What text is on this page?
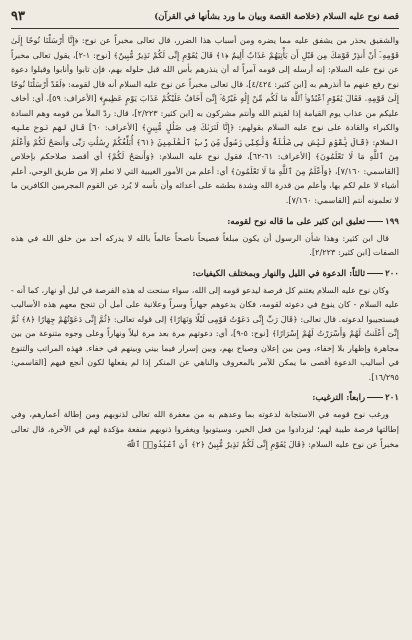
قصة نوح عليه السلام (خلاصة القصة وبيان ما ورد بشأنها في القرآن)
٩٣

والشفيق يحذر من يشفق عليه مما يضره ومن أسباب هذا الضرر، قال تعالى مخبراً عن نوح: ﴿إِنَّا أَرْسَلْنَا نُوحًا إِلَىٰ قَوْمِهِۦٓ أَنْ أَنذِرْ قَوْمَكَ مِن قَبْلِ أَن يَأْتِيَهُمْ عَذَابٌ أَلِيمٌ ﴿١﴾ قَالَ يَٰقَوْمِ إِنِّى لَكُمْ نَذِيرٌ مُّبِينٌ﴾ [نوح: ١-٢]، يقول تعالى مخبراً عن نوح عليه السلام: إنه أرسله إلى قومه آمراً له أن ينذرهم بأس الله قبل حلوله بهم، فإن تابوا وأنابوا وقبلوا دعوة نوح رفع عنهم ما أنذرهم به [ابن كثير: ٤/٤٢٤]، قال تعالى مخبراً عن نوح عليه السلام أنه قال لقومه: ﴿لَقَدْ أَرْسَلْنَا نُوحًا إِلَىٰ قَوْمِهِۦ فَقَالَ يَٰقَوْمِ ٱعْبُدُوا۟ ٱللَّهَ مَا لَكُم مِّنْ إِلَٰهٍ غَيْرُهُۥٓ إِنِّىٓ أَخَافُ عَلَيْكُمْ عَذَابَ يَوْمٍ عَظِيمٍ﴾ [الأعراف: ٥٩]، أي: أخاف عليكم من عذاب يوم القيامة إذا لقيتم الله وأنتم مشركون به [ابن كثير: ٢/٢٢٣]، قال: ردّ الملأ من قومه وهم السادة والكبراء والقادة على نوح عليه السلام بقولهم: ﴿إِنَّا لَنَرَىٰكَ فِى ضَلَٰلٍ مُّبِينٍ﴾ [الأعراف: ٦٠] قال لهم نوح عليه السلام: ﴿قَالَ يَٰقَوْمِ لَيْسَ بِى ضَلَٰلَةٌ وَلَٰكِنِّى رَسُولٌ مِّن رَّبِّ ٱلْعَٰلَمِينَ ﴿٦١﴾ أُبَلِّغُكُمْ رِسَٰلَٰتِ رَبِّى وَأَنصَحُ لَكُمْ وَأَعْلَمُ مِنَ ٱللَّهِ مَا لَا تَعْلَمُونَ﴾ [الأعراف: ٦١-٦٢]، فقول نوح عليه السلام: ﴿وَأَنصَحُ لَكُمْ﴾ أي أقصد صلاحكم بإخلاص [القاسمي: ٧/١٦٠]، ﴿وَأَعْلَمُ مِنَ ٱللَّهِ مَا لَا تَعْلَمُونَ﴾ أي: أعلم من الأمور الغيبية التي لا تعلم إلا من طريق الوحي، أعلم أشياء لا علم لكم بها، وأعلم من قدرة الله وشدة بطشه على أعدائه وأن بأسه لا يُرد عن القوم المجرمين الكافرين ما لا تعلمونه أنتم [القاسمي: ٧/١٦٠].

١٩٩تعليق ابن كثير على ما قاله نوح لقومه:

قال ابن كثير: وهذا شأن الرسول أن يكون مبلغاً فصيحاً ناصحاً عالماً بالله لا يدركه أحد من خلق الله في هذه الصفات [ابن كثير: ٢/٢٢٣].

٢٠٠ثالثاً: الدعوة في الليل والنهار وبمختلف الكيفيات:

وكان نوح عليه السلام يغتنم كل فرصة ليدعو قومه إلى الله، سواء سنحت له هذه الفرصة في ليل أو نهار، كما أنه - عليه السلام - كان ينوع في دعوته لقومه، فكان يدعوهم جهاراً وسراً وعلانية على أمل أن تنجح معهم هذه الأساليب فيستجيبوا لدعوته. قال تعالى: ﴿قَالَ رَبِّ إِنِّى دَعَوْتُ قَوْمِى لَيْلًا وَنَهَارًا﴾ إلى قوله تعالى: ﴿ثُمَّ إِنِّى دَعَوْتُهُمْ جِهَارًا ﴿٨﴾ ثُمَّ إِنِّىٓ أَعْلَنتُ لَهُمْ وَأَسْرَرْتُ لَهُمْ إِسْرَارًا﴾ [نوح: ٥-٩]، أي: دعوتهم مرة بعد مرة ليلاً ونهاراً وعلى وجوه متنوعة من بين مجاهرة وإظهار بلا إخفاء، ومن بين إعلان وصياح بهم، وبين إسرار فيما بيني وبينهم في خفاء. فهذه المراتب والتنوع في أساليب الدعوة أقصى ما يمكن للآمر بالمعروف والناهي عن المنكر إذا لم يفعلها لكون أنجع فيهم [القاسمي: ١٦/٢٩٥].

٢٠١رابعاً: الترغيب:

ورغب نوح قومه في الاستجابة لدعوته بما وعدهم به من مغفرة الله تعالى لذنوبهم ومن إطالة أعمارهم، وفي إطالتها فرصة طيبة لهم؛ ليزدادوا من فعل الخير، وسيتوبوا ويغفروا ذنوبهم منفعة مؤكدة لهم في الآخرة، قال تعالى مخبراً عن نوح عليه السلام: ﴿قَالَ يَٰقَوْمِ إِنِّى لَكُمْ نَذِيرٌ مُّبِينٌ ﴿٢﴾ أَنِ ٱعْبُدُوا۟ ٱللَّهَ
